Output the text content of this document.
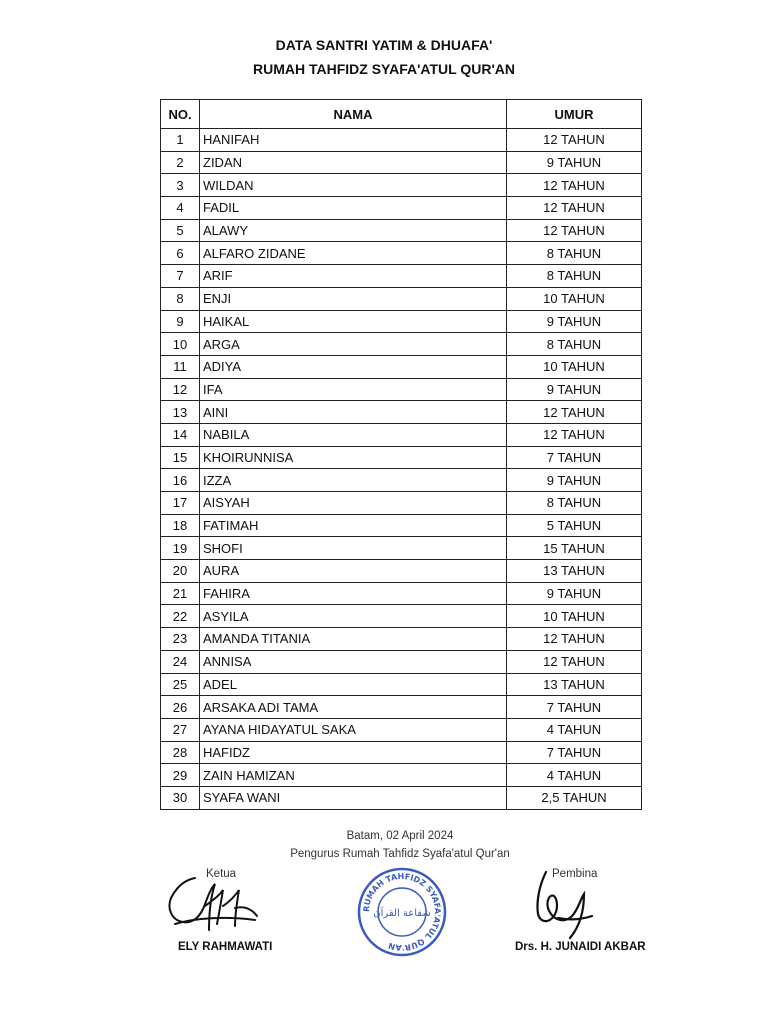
DATA SANTRI YATIM & DHUAFA'
RUMAH TAHFIDZ SYAFA'ATUL QUR'AN
NO.	NAMA	UMUR
1	HANIFAH	12 TAHUN
2	ZIDAN	9 TAHUN
3	WILDAN	12 TAHUN
4	FADIL	12 TAHUN
5	ALAWY	12 TAHUN
6	ALFARO ZIDANE	8 TAHUN
7	ARIF	8 TAHUN
8	ENJI	10 TAHUN
9	HAIKAL	9 TAHUN
10	ARGA	8 TAHUN
11	ADIYA	10 TAHUN
12	IFA	9 TAHUN
13	AINI	12 TAHUN
14	NABILA	12 TAHUN
15	KHOIRUNNISA	7 TAHUN
16	IZZA	9 TAHUN
17	AISYAH	8 TAHUN
18	FATIMAH	5 TAHUN
19	SHOFI	15 TAHUN
20	AURA	13 TAHUN
21	FAHIRA	9 TAHUN
22	ASYILA	10 TAHUN
23	AMANDA TITANIA	12 TAHUN
24	ANNISA	12 TAHUN
25	ADEL	13 TAHUN
26	ARSAKA ADI TAMA	7 TAHUN
27	AYANA HIDAYATUL SAKA	4 TAHUN
28	HAFIDZ	7 TAHUN
29	ZAIN HAMIZAN	4 TAHUN
30	SYAFA WANI	2,5 TAHUN
Batam, 02 April 2024
Pengurus Rumah Tahfidz Syafa'atul Qur'an
Ketua	Pembina
RUMAH TAHFIDZ SYAFA'ATUL QUR'AN
شفاعة القرآن
ELY RAHMAWATI	Drs. H. JUNAIDI AKBAR
